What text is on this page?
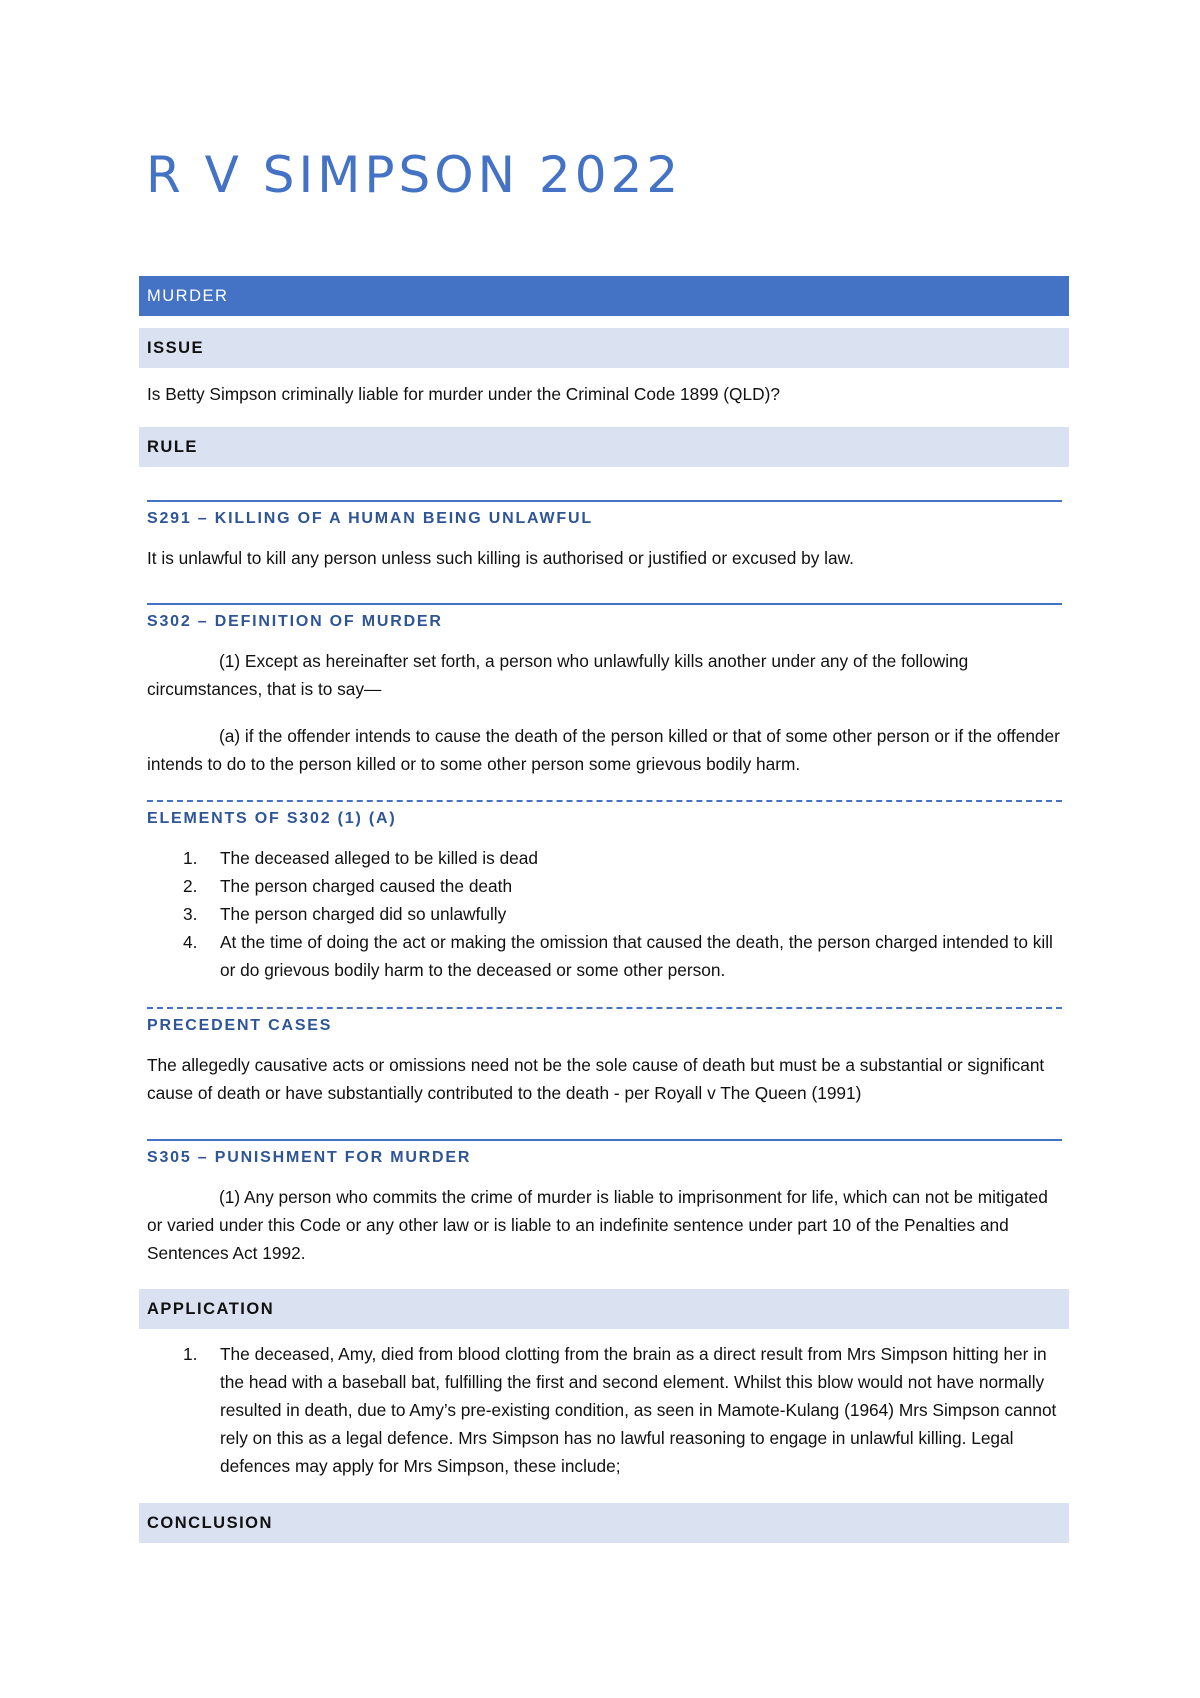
R V SIMPSON 2022
MURDER
ISSUE

Is Betty Simpson criminally liable for murder under the Criminal Code 1899 (QLD)?

RULE

S291 – KILLING OF A HUMAN BEING UNLAWFUL

It is unlawful to kill any person unless such killing is authorised or justified or excused by law.

S302 – DEFINITION OF MURDER

(1) Except as hereinafter set forth, a person who unlawfully kills another under any of the following circumstances, that is to say—

(a) if the offender intends to cause the death of the person killed or that of some other person or if the offender intends to do to the person killed or to some other person some grievous bodily harm.

ELEMENTS OF S302 (1) (A)

1. The deceased alleged to be killed is dead
2. The person charged caused the death
3. The person charged did so unlawfully
4. At the time of doing the act or making the omission that caused the death, the person charged intended to kill or do grievous bodily harm to the deceased or some other person.

PRECEDENT CASES

The allegedly causative acts or omissions need not be the sole cause of death but must be a substantial or significant cause of death or have substantially contributed to the death - per Royall v The Queen (1991)

S305 – PUNISHMENT FOR MURDER

(1) Any person who commits the crime of murder is liable to imprisonment for life, which can not be mitigated or varied under this Code or any other law or is liable to an indefinite sentence under part 10 of the Penalties and Sentences Act 1992.

APPLICATION
1. The deceased, Amy, died from blood clotting from the brain as a direct result from Mrs Simpson hitting her in the head with a baseball bat, fulfilling the first and second element. Whilst this blow would not have normally resulted in death, due to Amy’s pre-existing condition, as seen in Mamote-Kulang (1964) Mrs Simpson cannot rely on this as a legal defence. Mrs Simpson has no lawful reasoning to engage in unlawful killing. Legal defences may apply for Mrs Simpson, these include;
CONCLUSION
